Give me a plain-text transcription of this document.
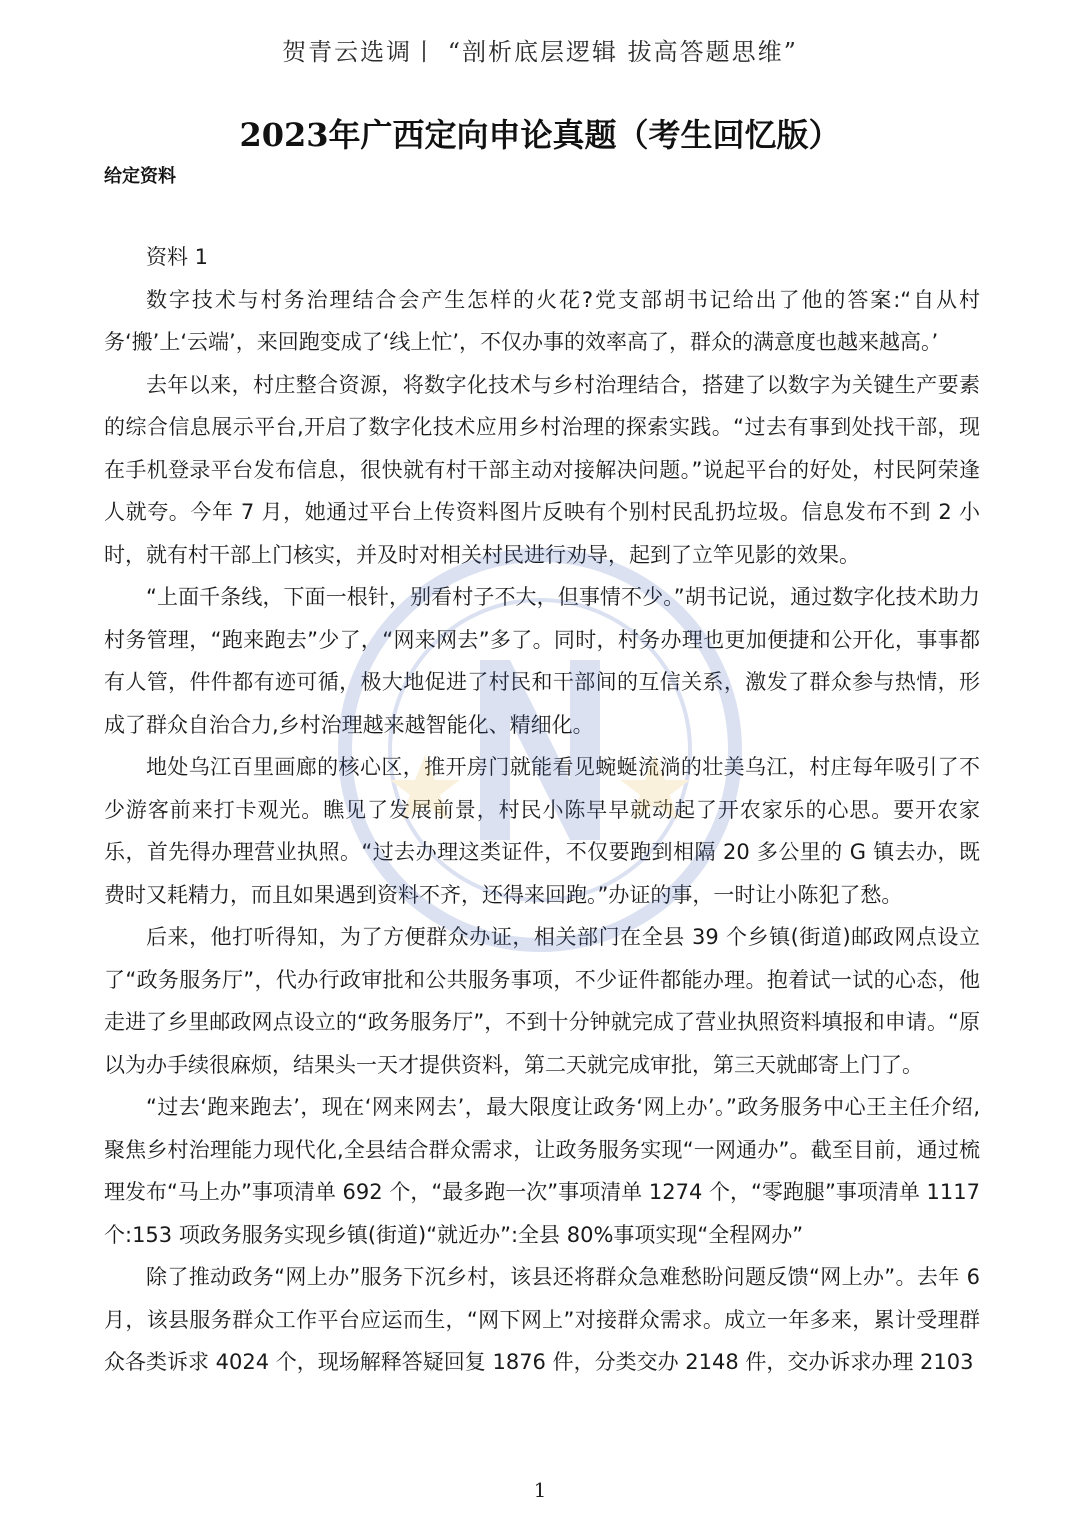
贺青云选调丨 “剖析底层逻辑 拔高答题思维”
2023年广西定向申论真题（考生回忆版）
给定资料

资料 1

数字技术与村务治理结合会产生怎样的火花?党支部胡书记给出了他的答案:“自从村务‘搬’上‘云端’，来回跑变成了‘线上忙’，不仅办事的效率高了，群众的满意度也越来越高。’

去年以来，村庄整合资源，将数字化技术与乡村治理结合，搭建了以数字为关键生产要素的综合信息展示平台,开启了数字化技术应用乡村治理的探索实践。“过去有事到处找干部，现在手机登录平台发布信息，很快就有村干部主动对接解决问题。”说起平台的好处，村民阿荣逢人就夸。今年 7 月，她通过平台上传资料图片反映有个别村民乱扔垃圾。信息发布不到 2 小时，就有村干部上门核实，并及时对相关村民进行劝导，起到了立竿见影的效果。

“上面千条线，下面一根针，别看村子不大，但事情不少。”胡书记说，通过数字化技术助力村务管理，“跑来跑去”少了，“网来网去”多了。同时，村务办理也更加便捷和公开化，事事都有人管，件件都有迹可循，极大地促进了村民和干部间的互信关系，激发了群众参与热情，形成了群众自治合力,乡村治理越来越智能化、精细化。

地处乌江百里画廊的核心区，推开房门就能看见蜿蜒流淌的壮美乌江，村庄每年吸引了不少游客前来打卡观光。瞧见了发展前景，村民小陈早早就动起了开农家乐的心思。要开农家乐，首先得办理营业执照。“过去办理这类证件，不仅要跑到相隔 20 多公里的 G 镇去办，既费时又耗精力，而且如果遇到资料不齐，还得来回跑。”办证的事，一时让小陈犯了愁。

后来，他打听得知，为了方便群众办证，相关部门在全县 39 个乡镇(街道)邮政网点设立了“政务服务厅”，代办行政审批和公共服务事项，不少证件都能办理。抱着试一试的心态，他走进了乡里邮政网点设立的“政务服务厅”，不到十分钟就完成了营业执照资料填报和申请。“原以为办手续很麻烦，结果头一天才提供资料，第二天就完成审批，第三天就邮寄上门了。

“过去‘跑来跑去’，现在‘网来网去’，最大限度让政务‘网上办’。”政务服务中心王主任介绍,聚焦乡村治理能力现代化,全县结合群众需求，让政务服务实现“一网通办”。截至目前，通过梳理发布“马上办”事项清单 692 个，“最多跑一次”事项清单 1274 个，“零跑腿”事项清单 1117 个:153 项政务服务实现乡镇(街道)“就近办”:全县 80%事项实现“全程网办”

除了推动政务“网上办”服务下沉乡村，该县还将群众急难愁盼问题反馈“网上办”。去年 6 月，该县服务群众工作平台应运而生，“网下网上”对接群众需求。成立一年多来，累计受理群众各类诉求 4024 个，现场解释答疑回复 1876 件，分类交办 2148 件，交办诉求办理 2103

1
